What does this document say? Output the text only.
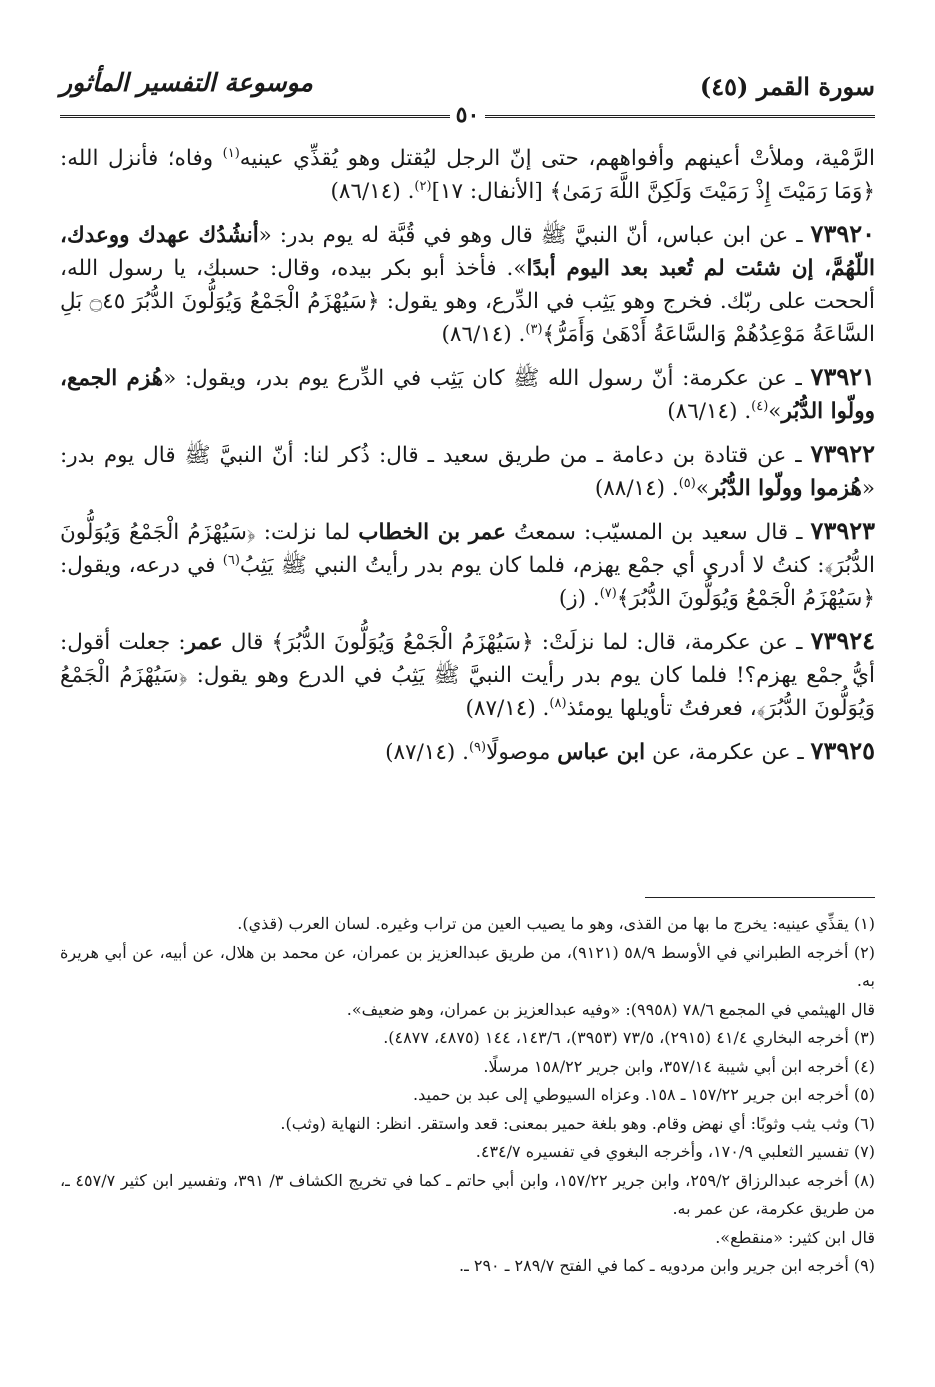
سورة القمر (٤٥)
موسوعة التفسير المأثور
٥٠

الرَّمْية، وملأتْ أعينهم وأفواههم، حتى إنّ الرجل ليُقتل وهو يُقذِّي عينيه$^{(١)}$ وفاه؛ فأنزل الله: ﴿وَمَا رَمَيْتَ إِذْ رَمَيْتَ وَلَكِنَّ اللَّهَ رَمَىٰ﴾ [الأنفال: ١٧]$^{(٢)}$. (٨٦/١٤)

٧٣٩٢٠ ـ عن ابن عباس، أنّ النبيَّ ﷺ قال وهو في قُبَّة له يوم بدر: «أنشُدُك عهدك ووعدك، اللّهُمَّ، إن شئت لم تُعبد بعد اليوم أبدًا». فأخذ أبو بكر بيده، وقال: حسبك، يا رسول الله، ألححت على ربّك. فخرج وهو يَثِب في الدِّرع، وهو يقول: ﴿سَيُهْزَمُ الْجَمْعُ وَيُوَلُّونَ الدُّبُرَ ۝٤٥ بَلِ السَّاعَةُ مَوْعِدُهُمْ وَالسَّاعَةُ أَدْهَىٰ وَأَمَرُّ﴾$^{(٣)}$. (٨٦/١٤)

٧٣٩٢١ ـ عن عكرمة: أنّ رسول الله ﷺ كان يَثِب في الدِّرع يوم بدر، ويقول: «هُزم الجمع، وولّوا الدُّبُر»$^{(٤)}$. (٨٦/١٤)

٧٣٩٢٢ ـ عن قتادة بن دعامة ـ من طريق سعيد ـ قال: ذُكر لنا: أنّ النبيَّ ﷺ قال يوم بدر: «هُزموا وولّوا الدُّبُر»$^{(٥)}$. (٨٨/١٤)

٧٣٩٢٣ ـ قال سعيد بن المسيّب: سمعتُ عمر بن الخطاب لما نزلت: ﴿سَيُهْزَمُ الْجَمْعُ وَيُوَلُّونَ الدُّبُرَ﴾: كنتُ لا أدري أي جمْع يهزم، فلما كان يوم بدر رأيتُ النبي ﷺ يَثِبُ$^{(٦)}$ في درعه، ويقول: ﴿سَيُهْزَمُ الْجَمْعُ وَيُوَلُّونَ الدُّبُرَ﴾$^{(٧)}$. (ز)

٧٣٩٢٤ ـ عن عكرمة، قال: لما نزلَتْ: ﴿سَيُهْزَمُ الْجَمْعُ وَيُوَلُّونَ الدُّبُرَ﴾ قال عمر: جعلت أقول: أيُّ جمْع يهزم؟! فلما كان يوم بدر رأيت النبيَّ ﷺ يَثِبُ في الدرع وهو يقول: ﴿سَيُهْزَمُ الْجَمْعُ وَيُوَلُّونَ الدُّبُرَ﴾، فعرفتُ تأويلها يومئذ$^{(٨)}$. (٨٧/١٤)

٧٣٩٢٥ ـ عن عكرمة، عن ابن عباس موصولًا$^{(٩)}$. (٨٧/١٤)

(١) يقذِّي عينيه: يخرج ما بها من القذى، وهو ما يصيب العين من تراب وغيره. لسان العرب (قذي).

(٢) أخرجه الطبراني في الأوسط ٥٨/٩ (٩١٢١)، من طريق عبدالعزيز بن عمران، عن محمد بن هلال، عن أبيه، عن أبي هريرة به.

قال الهيثمي في المجمع ٧٨/٦ (٩٩٥٨): «وفيه عبدالعزيز بن عمران، وهو ضعيف».

(٣) أخرجه البخاري ٤١/٤ (٢٩١٥)، ٧٣/٥ (٣٩٥٣)، ١٤٣/٦، ١٤٤ (٤٨٧٥، ٤٨٧٧).

(٤) أخرجه ابن أبي شيبة ٣٥٧/١٤، وابن جرير ١٥٨/٢٢ مرسلًا.

(٥) أخرجه ابن جرير ١٥٧/٢٢ ـ ١٥٨. وعزاه السيوطي إلى عبد بن حميد.

(٦) وثب يثب وثوبًا: أي نهض وقام. وهو بلغة حمير بمعنى: قعد واستقر. انظر: النهاية (وثب).

(٧) تفسير الثعلبي ١٧٠/٩، وأخرجه البغوي في تفسيره ٤٣٤/٧.

(٨) أخرجه عبدالرزاق ٢٥٩/٢، وابن جرير ١٥٧/٢٢، وابن أبي حاتم ـ كما في تخريج الكشاف ٣/ ٣٩١، وتفسير ابن كثير ٤٥٧/٧ ـ، من طريق عكرمة، عن عمر به.

قال ابن كثير: «منقطع».

(٩) أخرجه ابن جرير وابن مردويه ـ كما في الفتح ٢٨٩/٧ ـ ٢٩٠ ـ.
